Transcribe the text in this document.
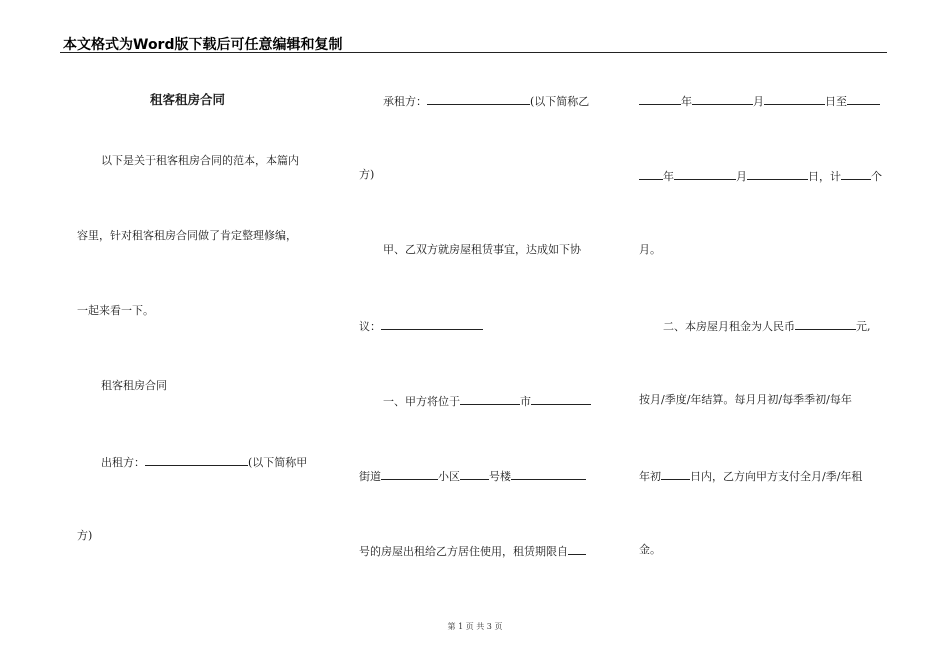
本文格式为Word版下载后可任意编辑和复制
租客租房合同
以下是关于租客租房合同的范本，本篇内
容里，针对租客租房合同做了肯定整理修编，
一起来看一下。
租客租房合同
出租方：	(以下简称甲
方)
承租方：	(以下简称乙
方)
甲、乙双方就房屋租赁事宜，达成如下协
议：
一、甲方将位于	市
街道	小区	号楼
号的房屋出租给乙方居住使用，租赁期限自
年	月	日至
年	月	日，计	个
月。
二、本房屋月租金为人民币	元,
按月/季度/年结算。每月月初/每季季初/每年
年初	日内，乙方向甲方支付全月/季/年租
金。
第 1 页 共 3 页
